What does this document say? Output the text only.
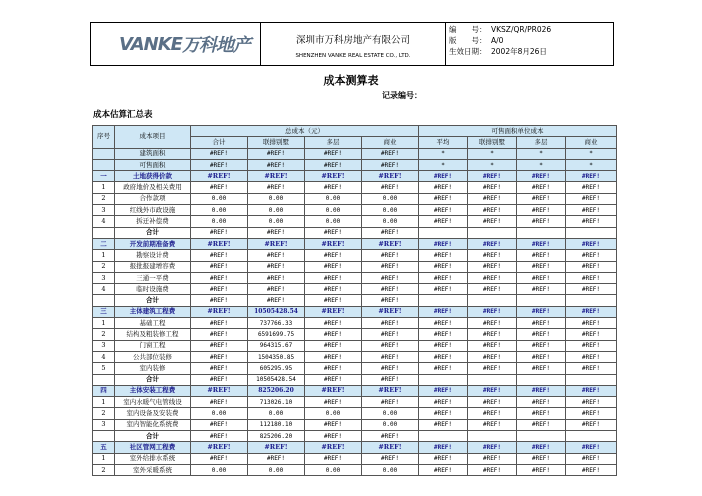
VANKE 万科地产	深圳市万科房地产有限公司
SHENZHEN VANKE REAL ESTATE CO., LTD.
编　　号： VKSZ/QR/PR026
版　　号： A/0
生效日期： 2002年8月26日
成本测算表
记录编号：
成本估算汇总表
序号	成本项目	总成本（元）				可售面积单位成本			
		合计	联排别墅	多层	商业	平均	联排别墅	多层	商业
	建筑面积	#REF!	#REF!	#REF!	#REF!	*	*	*	*
	可售面积	#REF!	#REF!	#REF!	#REF!	*	*	*	*
一	土地获得价款	#REF!	#REF!	#REF!	#REF!	#REF!	#REF!	#REF!	#REF!
1	政府地价及相关费用	#REF!	#REF!	#REF!	#REF!	#REF!	#REF!	#REF!	#REF!
2	合作款项	0.00	0.00	0.00	0.00	#REF!	#REF!	#REF!	#REF!
3	红线外市政设施	0.00	0.00	0.00	0.00	#REF!	#REF!	#REF!	#REF!
4	拆迁补偿费	0.00	0.00	0.00	0.00	#REF!	#REF!	#REF!	#REF!
	合计	#REF!	#REF!	#REF!	#REF!				
二	开发前期准备费	#REF!	#REF!	#REF!	#REF!	#REF!	#REF!	#REF!	#REF!
1	勘察设计费	#REF!	#REF!	#REF!	#REF!	#REF!	#REF!	#REF!	#REF!
2	报批报建增容费	#REF!	#REF!	#REF!	#REF!	#REF!	#REF!	#REF!	#REF!
3	三通一平费	#REF!	#REF!	#REF!	#REF!	#REF!	#REF!	#REF!	#REF!
4	临时设施费	#REF!	#REF!	#REF!	#REF!	#REF!	#REF!	#REF!	#REF!
	合计	#REF!	#REF!	#REF!	#REF!				
三	主体建筑工程费	#REF!	10505428.54	#REF!	#REF!	#REF!	#REF!	#REF!	#REF!
1	基础工程	#REF!	737766.33	#REF!	#REF!	#REF!	#REF!	#REF!	#REF!
2	结构及粗装修工程	#REF!	6591699.75	#REF!	#REF!	#REF!	#REF!	#REF!	#REF!
3	门窗工程	#REF!	964315.67	#REF!	#REF!	#REF!	#REF!	#REF!	#REF!
4	公共部位装修	#REF!	1504350.85	#REF!	#REF!	#REF!	#REF!	#REF!	#REF!
5	室内装修	#REF!	605295.95	#REF!	#REF!	#REF!	#REF!	#REF!	#REF!
	合计	#REF!	10505428.54	#REF!	#REF!				
四	主体安装工程费	#REF!	825206.20	#REF!	#REF!	#REF!	#REF!	#REF!	#REF!
1	室内水暖气电管线设	#REF!	713026.10	#REF!	#REF!	#REF!	#REF!	#REF!	#REF!
2	室内设备及安装费	0.00	0.00	0.00	0.00	#REF!	#REF!	#REF!	#REF!
3	室内智能化系统费	#REF!	112180.10	#REF!	0.00	#REF!	#REF!	#REF!	#REF!
	合计	#REF!	825206.20	#REF!	#REF!				
五	社区管网工程费	#REF!	#REF!	#REF!	#REF!	#REF!	#REF!	#REF!	#REF!
1	室外给排水系统	#REF!	#REF!	#REF!	#REF!	#REF!	#REF!	#REF!	#REF!
2	室外采暖系统	0.00	0.00	0.00	0.00	#REF!	#REF!	#REF!	#REF!
